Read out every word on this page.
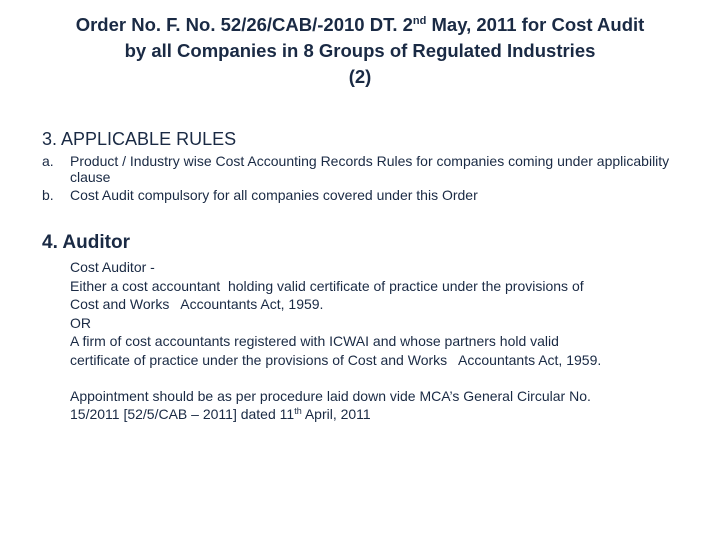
Order No. F. No. 52/26/CAB/-2010 DT. 2nd May, 2011 for Cost Audit
by all Companies in 8 Groups of Regulated Industries
(2)
3. APPLICABLE RULES
a.	Product / Industry wise Cost Accounting Records Rules for companies coming under applicability clause
b.	Cost Audit compulsory for all companies covered under this Order
4. Auditor
Cost Auditor -
Either a cost accountant  holding valid certificate of practice under the provisions of
Cost and Works   Accountants Act, 1959.
OR
A firm of cost accountants registered with ICWAI and whose partners hold valid
certificate of practice under the provisions of Cost and Works   Accountants Act, 1959.
Appointment should be as per procedure laid down vide MCA’s General Circular No.
15/2011 [52/5/CAB – 2011] dated 11th April, 2011
